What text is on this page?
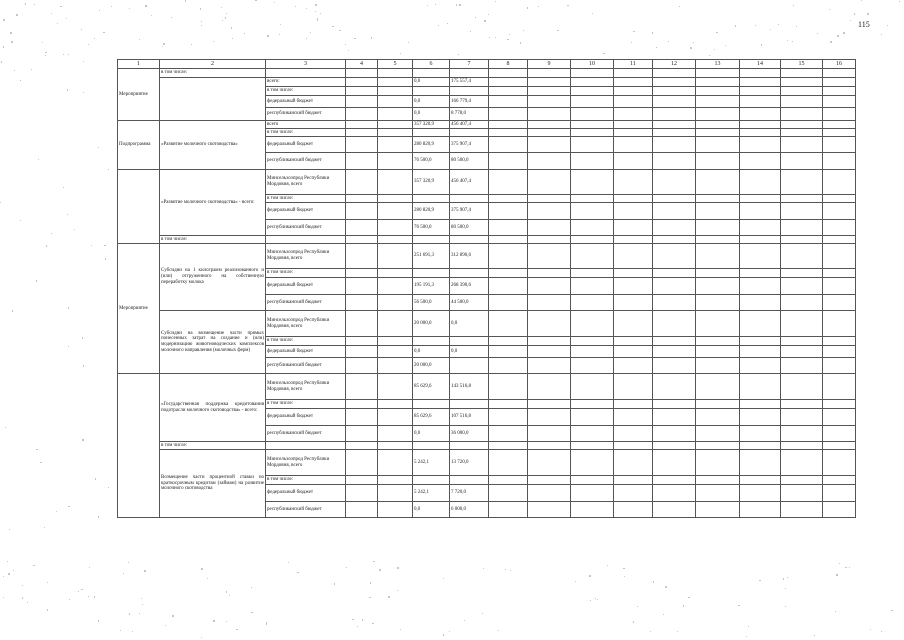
115
1	2	3	4	5	6	7	8	9	10	11	12	13	14	15	16
Мероприятие	в том числе:														
		всего:			0,0	175 557,4									
		в том числе:													
		федеральный бюджет			0,0	166 779,4									
		республиканский бюджет			0,0	8 778,0									
Подпрограмма	«Развитие молочного скотоводства»	всего			357 320,9	456 407,4									
		в том числе:													
		федеральный бюджет			280 820,9	375 907,4									
		республиканский бюджет			76 500,0	80 500,0									
	«Развитие молочного скотоводства» - всего:	Минсельхозпрод Республики Мордовия, всего			357 320,9	456 407,4									
		в том числе:													
		федеральный бюджет			280 820,9	375 907,4									
		республиканский бюджет			76 500,0	80 500,0									
	в том числе:														
Мероприятие	Субсидии на 1 килограмм реализованного и (или) отгруженного на собственную переработку молока	Минсельхозпрод Республики Мордовия, всего			251 691,3	312 890,6									
		в том числе:													
		федеральный бюджет			195 191,3	268 390,6									
		республиканский бюджет			56 500,0	44 500,0									
	Субсидии на возмещение части прямых понесенных затрат на создание и (или) модернизацию животноводческих комплексов молочного направления (молочных ферм)	Минсельхозпрод Республики Мордовия, всего			20 000,0	0,0									
		в том числе:													
		федеральный бюджет			0,0	0,0									
		республиканский бюджет			20 000,0										
	«Государственная поддержка кредитования подотрасли молочного скотоводства» - всего:	Минсельхозпрод Республики Мордовия, всего			85 629,6	143 516,8									
		в том числе:													
		федеральный бюджет			85 629,6	107 516,8									
		республиканский бюджет			0,0	36 000,0									
	в том числе:														
	Возмещение части процентной ставки по краткосрочным кредитам (займам) на развитие молочного скотоводства	Минсельхозпрод Республики Мордовия, всего			5 242,1	13 720,0									
		в том числе:													
		федеральный бюджет			5 242,1	7 720,0									
		республиканский бюджет			0,0	6 000,0									
